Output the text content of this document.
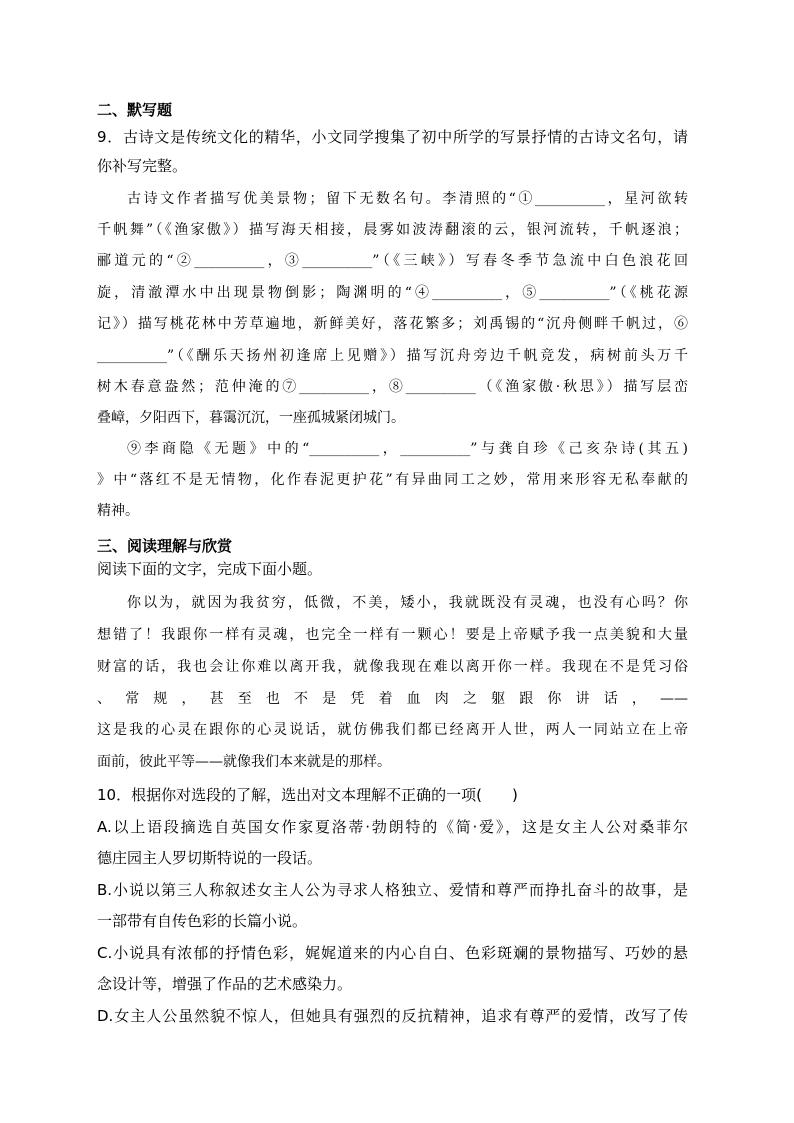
二、默写题
9．古诗文是传统文化的精华，小文同学搜集了初中所学的写景抒情的古诗文名句，请
你补写完整。
古诗文作者描写优美景物；留下无数名句。李清照的“①__________，星河欲转
千帆舞”（《渔家傲》）描写海天相接，晨雾如波涛翻滚的云，银河流转，千帆逐浪；
郦道元的“②__________，③__________”（《三峡》）写春冬季节急流中白色浪花回
旋，清澈潭水中出现景物倒影；陶渊明的“④__________，⑤__________”（《桃花源
记》）描写桃花林中芳草遍地，新鲜美好，落花繁多；刘禹锡的“沉舟侧畔千帆过，⑥
__________”（《酬乐天扬州初逢席上见赠》）描写沉舟旁边千帆竞发，病树前头万千
树木春意盎然；范仲淹的⑦__________，⑧__________（《渔家傲·秋思》）描写层峦
叠嶂，夕阳西下，暮霭沉沉，一座孤城紧闭城门。
⑨李商隐《无题》中的“__________，__________”与龚自珍《己亥杂诗(其五)
》中“落红不是无情物，化作春泥更护花”有异曲同工之妙，常用来形容无私奉献的
精神。
三、阅读理解与欣赏
阅读下面的文字，完成下面小题。
你以为，就因为我贫穷，低微，不美，矮小，我就既没有灵魂，也没有心吗？你
想错了！我跟你一样有灵魂，也完全一样有一颗心！要是上帝赋予我一点美貌和大量
财富的话，我也会让你难以离开我，就像我现在难以离开你一样。我现在不是凭习俗
、常规，甚至也不是凭着血肉之躯跟你讲话，——
这是我的心灵在跟你的心灵说话，就仿佛我们都已经离开人世，两人一同站立在上帝
面前，彼此平等——就像我们本来就是的那样。
10．根据你对选段的了解，选出对文本理解不正确的一项(　　)
A.以上语段摘选自英国女作家夏洛蒂·勃朗特的《简·爱》，这是女主人公对桑菲尔
德庄园主人罗切斯特说的一段话。
B.小说以第三人称叙述女主人公为寻求人格独立、爱情和尊严而挣扎奋斗的故事，是
一部带有自传色彩的长篇小说。
C.小说具有浓郁的抒情色彩，娓娓道来的内心自白、色彩斑斓的景物描写、巧妙的悬
念设计等，增强了作品的艺术感染力。
D.女主人公虽然貌不惊人，但她具有强烈的反抗精神，追求有尊严的爱情，改写了传
